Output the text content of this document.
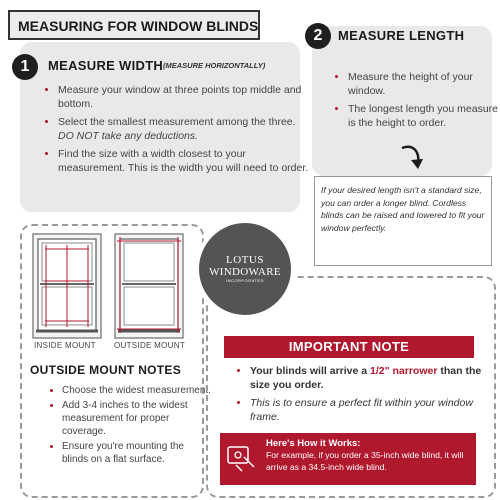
MEASURING FOR WINDOW BLINDS
1	MEASURE WIDTH (MEASURE HORIZONTALLY)
• Measure your window at three points top middle and bottom.
• Select the smallest measurement among the three. DO NOT take any deductions.
• Find the size with a width closest to your measurement. This is the width you will need to order.
2	MEASURE LENGTH
• Measure the height of your window.
• The longest length you measure is the height to order.
If your desired length isn't a standard size, you can order a longer blind. Cordless blinds can be raised and lowered to fit your window perfectly.
INSIDE MOUNT OUTSIDE MOUNT
OUTSIDE MOUNT NOTES
• Choose the widest measurement.
• Add 3-4 inches to the widest measurement for proper coverage.
• Ensure you're mounting the blinds on a flat surface.
LOTUS
WINDOWARE
INCORPORATED
IMPORTANT NOTE
• Your blinds will arrive a 1/2" narrower than the size you order.
• This is to ensure a perfect fit within your window frame.
Here's How it Works:
For example, if you order a 35-inch wide blind, it will arrive as a 34.5-inch wide blind.
